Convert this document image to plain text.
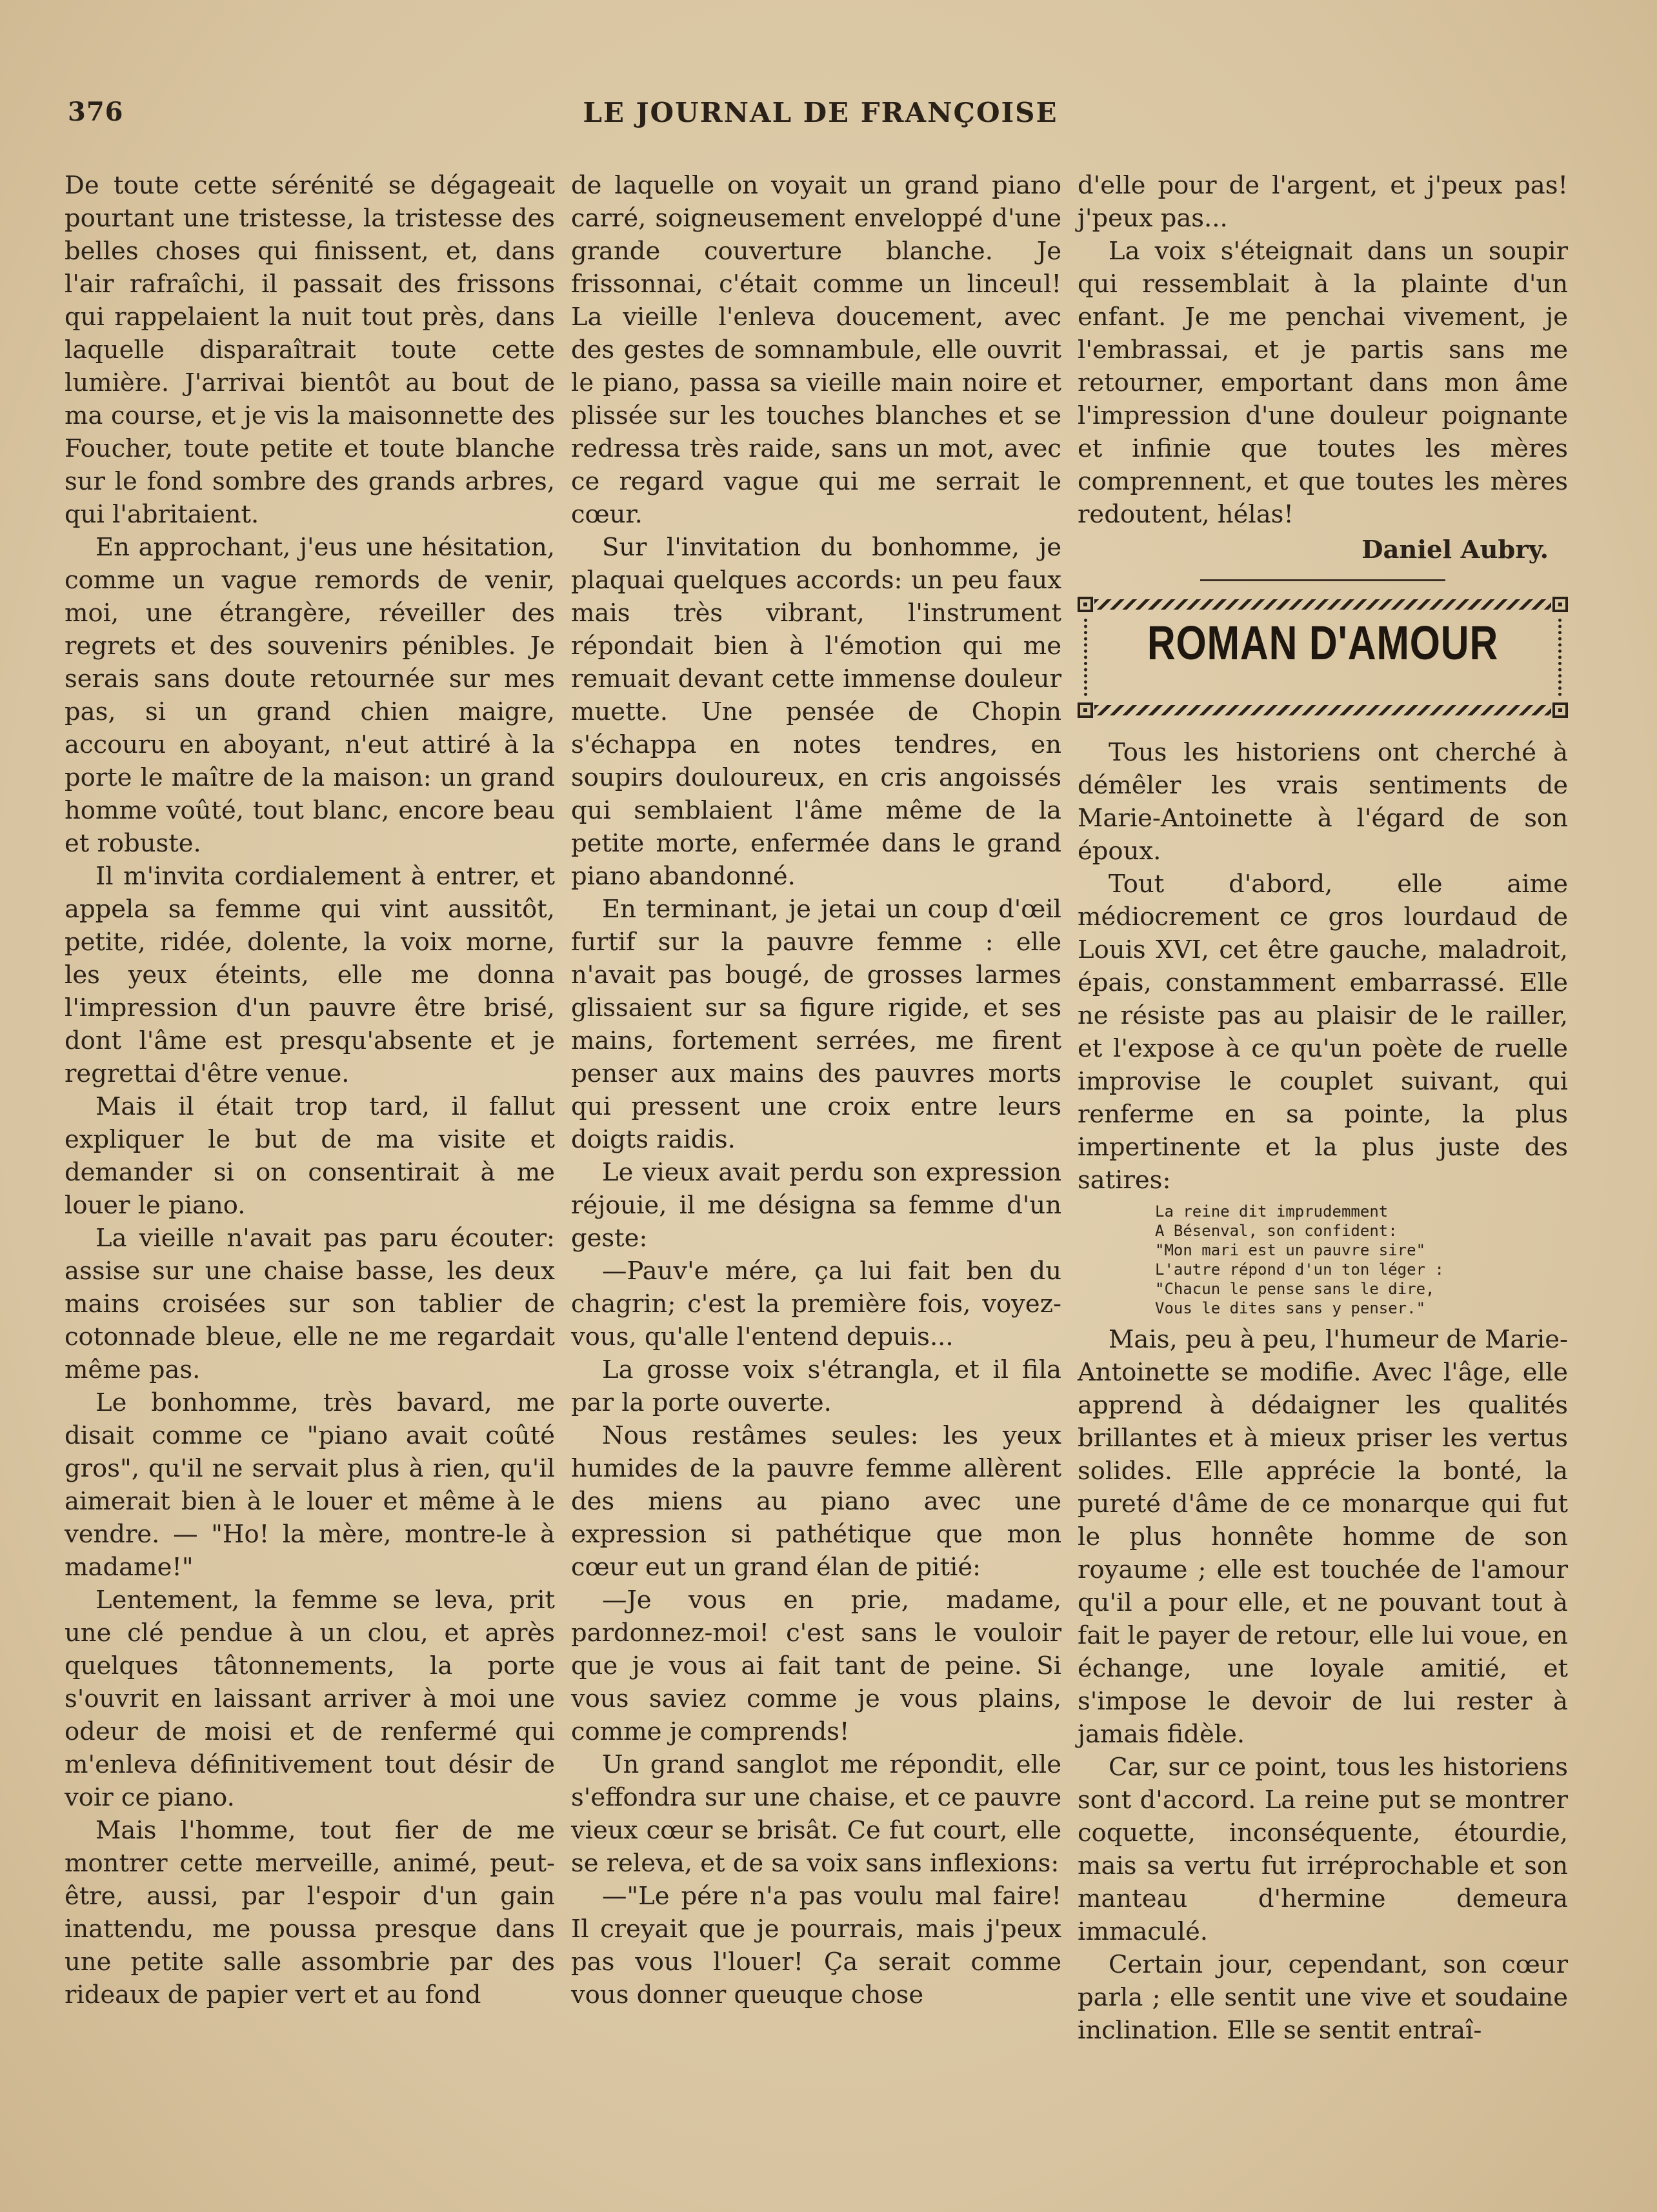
376	LE JOURNAL DE FRANÇOISE

De toute cette sérénité se dégageait pourtant une tristesse, la tristesse des belles choses qui finissent, et, dans l'air rafraîchi, il passait des frissons qui rappelaient la nuit tout près, dans laquelle disparaîtrait toute cette lumière. J'arrivai bientôt au bout de ma course, et je vis la maisonnette des Foucher, toute petite et toute blanche sur le fond sombre des grands arbres, qui l'abritaient.

En approchant, j'eus une hésitation, comme un vague remords de venir, moi, une étrangère, réveiller des regrets et des souvenirs pénibles. Je serais sans doute retournée sur mes pas, si un grand chien maigre, accouru en aboyant, n'eut attiré à la porte le maître de la maison: un grand homme voûté, tout blanc, encore beau et robuste.

Il m'invita cordialement à entrer, et appela sa femme qui vint aussitôt, petite, ridée, dolente, la voix morne, les yeux éteints, elle me donna l'impression d'un pauvre être brisé, dont l'âme est presqu'absente et je regrettai d'être venue.

Mais il était trop tard, il fallut expliquer le but de ma visite et demander si on consentirait à me louer le piano.

La vieille n'avait pas paru écouter: assise sur une chaise basse, les deux mains croisées sur son tablier de cotonnade bleue, elle ne me regardait même pas.

Le bonhomme, très bavard, me disait comme ce "piano avait coûté gros", qu'il ne servait plus à rien, qu'il aimerait bien à le louer et même à le vendre. — "Ho! la mère, montre-le à madame!"

Lentement, la femme se leva, prit une clé pendue à un clou, et après quelques tâtonnements, la porte s'ouvrit en laissant arriver à moi une odeur de moisi et de renfermé qui m'enleva définitivement tout désir de voir ce piano.

Mais l'homme, tout fier de me montrer cette merveille, animé, peut-être, aussi, par l'espoir d'un gain inattendu, me poussa presque dans une petite salle assombrie par des rideaux de papier vert et au fond

de laquelle on voyait un grand piano carré, soigneusement enveloppé d'une grande couverture blanche. Je frissonnai, c'était comme un linceul! La vieille l'enleva doucement, avec des gestes de somnambule, elle ouvrit le piano, passa sa vieille main noire et plissée sur les touches blanches et se redressa très raide, sans un mot, avec ce regard vague qui me serrait le cœur.

Sur l'invitation du bonhomme, je plaquai quelques accords: un peu faux mais très vibrant, l'instrument répondait bien à l'émotion qui me remuait devant cette immense douleur muette. Une pensée de Chopin s'échappa en notes tendres, en soupirs douloureux, en cris angoissés qui semblaient l'âme même de la petite morte, enfermée dans le grand piano abandonné.

En terminant, je jetai un coup d'œil furtif sur la pauvre femme : elle n'avait pas bougé, de grosses larmes glissaient sur sa figure rigide, et ses mains, fortement serrées, me firent penser aux mains des pauvres morts qui pressent une croix entre leurs doigts raidis.

Le vieux avait perdu son expression réjouie, il me désigna sa femme d'un geste:

—Pauv'e mére, ça lui fait ben du chagrin; c'est la première fois, voyez-vous, qu'alle l'entend depuis...

La grosse voix s'étrangla, et il fila par la porte ouverte.

Nous restâmes seules: les yeux humides de la pauvre femme allèrent des miens au piano avec une expression si pathétique que mon cœur eut un grand élan de pitié:

—Je vous en prie, madame, pardonnez-moi! c'est sans le vouloir que je vous ai fait tant de peine. Si vous saviez comme je vous plains, comme je comprends!

Un grand sanglot me répondit, elle s'effondra sur une chaise, et ce pauvre vieux cœur se brisât. Ce fut court, elle se releva, et de sa voix sans inflexions:

—"Le pére n'a pas voulu mal faire! Il creyait que je pourrais, mais j'peux pas vous l'louer! Ça serait comme vous donner queuque chose

d'elle pour de l'argent, et j'peux pas! j'peux pas...

La voix s'éteignait dans un soupir qui ressemblait à la plainte d'un enfant. Je me penchai vivement, je l'embrassai, et je partis sans me retourner, emportant dans mon âme l'impression d'une douleur poignante et infinie que toutes les mères comprennent, et que toutes les mères redoutent, hélas!

Daniel Aubry.

ROMAN D'AMOUR

Tous les historiens ont cherché à démêler les vrais sentiments de Marie-Antoinette à l'égard de son époux.

Tout d'abord, elle aime médiocrement ce gros lourdaud de Louis XVI, cet être gauche, maladroit, épais, constamment embarrassé. Elle ne résiste pas au plaisir de le railler, et l'expose à ce qu'un poète de ruelle improvise le couplet suivant, qui renferme en sa pointe, la plus impertinente et la plus juste des satires:

La reine dit imprudemment
A Bésenval, son confident:
"Mon mari est un pauvre sire"
L'autre répond d'un ton léger :
"Chacun le pense sans le dire,
Vous le dites sans y penser."

Mais, peu à peu, l'humeur de Marie-Antoinette se modifie. Avec l'âge, elle apprend à dédaigner les qualités brillantes et à mieux priser les vertus solides. Elle apprécie la bonté, la pureté d'âme de ce monarque qui fut le plus honnête homme de son royaume ; elle est touchée de l'amour qu'il a pour elle, et ne pouvant tout à fait le payer de retour, elle lui voue, en échange, une loyale amitié, et s'impose le devoir de lui rester à jamais fidèle.

Car, sur ce point, tous les historiens sont d'accord. La reine put se montrer coquette, inconséquente, étourdie, mais sa vertu fut irréprochable et son manteau d'hermine demeura immaculé.

Certain jour, cependant, son cœur parla ; elle sentit une vive et soudaine inclination. Elle se sentit entraî-
